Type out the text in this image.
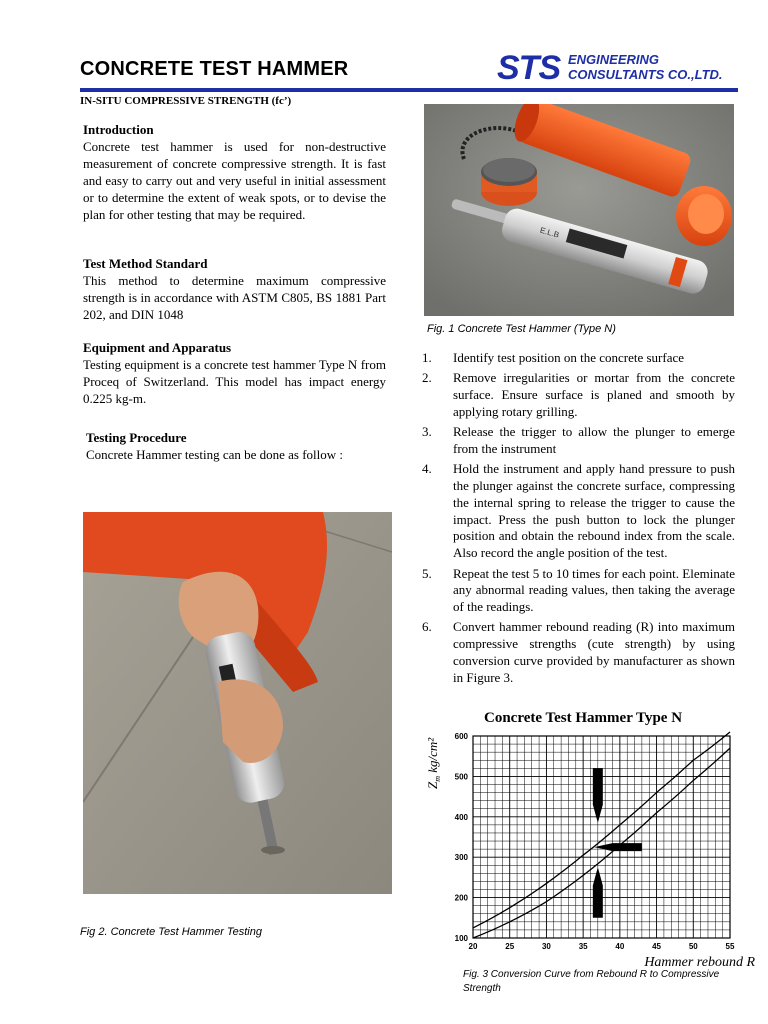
CONCRETE TEST HAMMER	STS ENGINEERING
CONSULTANTS CO.,LTD.
IN-SITU COMPRESSIVE STRENGTH (fc’)
Introduction
Concrete test hammer is used for non-destructive measurement of concrete compressive strength. It is fast and easy to carry out and very useful in initial assessment or to determine the extent of weak spots, or to devise the plan for other testing that may be required.
Test Method Standard
This method to determine maximum compressive strength is in accordance with ASTM C805, BS 1881 Part 202, and DIN 1048
Equipment and Apparatus
Testing equipment is a concrete test hammer Type N from Proceq of Switzerland. This model has impact energy 0.225 kg-m.
Testing Procedure
Concrete Hammer testing can be done as follow :
E.L.B
Fig. 1 Concrete Test Hammer (Type N)
Fig 2. Concrete Test Hammer Testing
1. Identify test position on the concrete surface
2. Remove irregularities or mortar from the concrete surface. Ensure surface is planed and smooth by applying rotary grilling.
3. Release the trigger to allow the plunger to emerge from the instrument
4. Hold the instrument and apply hand pressure to push the plunger against the concrete surface, compressing the internal spring to release the trigger to cause the impact. Press the push button to lock the plunger position and obtain the rebound index from the scale. Also record the angle position of the test.
5. Repeat the test 5 to 10 times for each point. Eleminate any abnormal reading values, then taking the average of the readings.
6. Convert hammer rebound reading (R) into maximum compressive strengths (cute strength) by using conversion curve provided by manufacturer as shown in Figure 3.
Concrete Test Hammer Type N
$Z_m$ kg/cm²
100
200
300
400
500
600
20	25	30	35	40	45	50	55
Hammer rebound R
Fig. 3 Conversion Curve from Rebound R to Compressive Strength
